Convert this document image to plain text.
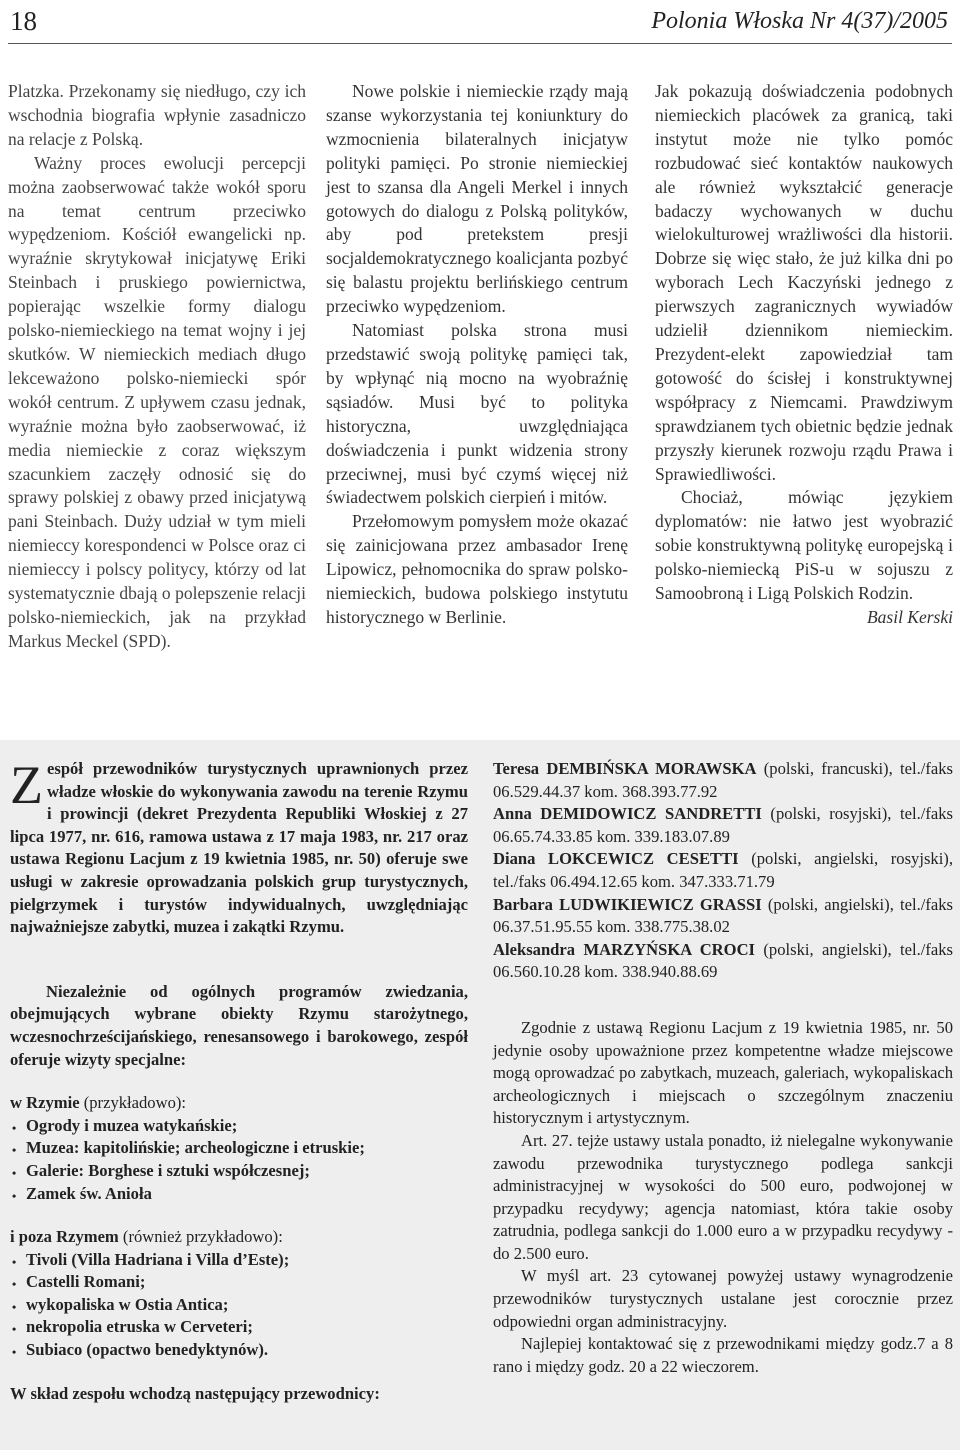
18	Polonia Włoska Nr 4(37)/2005

Platzka. Przekonamy się niedługo, czy ich wschodnia biografia wpłynie zasadniczo na relacje z Polską.

Ważny proces ewolucji percepcji można zaobserwować także wokół sporu na temat centrum przeciwko wypędzeniom. Kościół ewangelicki np. wyraźnie skrytykował inicjatywę Eriki Steinbach i pruskiego powiernictwa, popierając wszelkie formy dialogu polsko-niemieckiego na temat wojny i jej skutków. W niemieckich mediach długo lekceważono polsko-niemiecki spór wokół centrum. Z upływem czasu jednak, wyraźnie można było zaobserwować, iż media niemieckie z coraz większym szacunkiem zaczęły odnosić się do sprawy polskiej z obawy przed inicjatywą pani Steinbach. Duży udział w tym mieli niemieccy korespondenci w Polsce oraz ci niemieccy i polscy politycy, którzy od lat systematycznie dbają o polepszenie relacji polsko-niemieckich, jak na przykład Markus Meckel (SPD).

Nowe polskie i niemieckie rządy mają szanse wykorzystania tej koniunktury do wzmocnienia bilateralnych inicjatyw polityki pamięci. Po stronie niemieckiej jest to szansa dla Angeli Merkel i innych gotowych do dialogu z Polską polityków, aby pod pretekstem presji socjaldemokratycznego koalicjanta pozbyć się balastu projektu berlińskiego centrum przeciwko wypędzeniom.

Natomiast polska strona musi przedstawić swoją politykę pamięci tak, by wpłynąć nią mocno na wyobraźnię sąsiadów. Musi być to polityka historyczna, uwzględniająca doświadczenia i punkt widzenia strony przeciwnej, musi być czymś więcej niż świadectwem polskich cierpień i mitów.

Przełomowym pomysłem może okazać się zainicjowana przez ambasador Irenę Lipowicz, pełnomocnika do spraw polsko-niemieckich, budowa polskiego instytutu historycznego w Berlinie.

Jak pokazują doświadczenia podobnych niemieckich placówek za granicą, taki instytut może nie tylko pomóc rozbudować sieć kontaktów naukowych ale również wykształcić generacje badaczy wychowanych w duchu wielokulturowej wrażliwości dla historii. Dobrze się więc stało, że już kilka dni po wyborach Lech Kaczyński jednego z pierwszych zagranicznych wywiadów udzielił dziennikom niemieckim. Prezydent-elekt zapowiedział tam gotowość do ścisłej i konstruktywnej współpracy z Niemcami. Prawdziwym sprawdzianem tych obietnic będzie jednak przyszły kierunek rozwoju rządu Prawa i Sprawiedliwości.

Chociaż, mówiąc językiem dyplomatów: nie łatwo jest wyobrazić sobie konstruktywną politykę europejską i polsko-niemiecką PiS-u w sojuszu z Samoobroną i Ligą Polskich Rodzin.

Basil Kerski

Zespół przewodników turystycznych uprawnionych przez władze włoskie do wykonywania zawodu na terenie Rzymu i prowincji (dekret Prezydenta Republiki Włoskiej z 27 lipca 1977, nr. 616, ramowa ustawa z 17 maja 1983, nr. 217 oraz ustawa Regionu Lacjum z 19 kwietnia 1985, nr. 50) oferuje swe usługi w zakresie oprowadzania polskich grup turystycznych, pielgrzymek i turystów indywidualnych, uwzględniając najważniejsze zabytki, muzea i zakątki Rzymu.

Niezależnie od ogólnych programów zwiedzania, obejmujących wybrane obiekty Rzymu starożytnego, wczesnochrześcijańskiego, renesansowego i barokowego, zespół oferuje wizyty specjalne:

w Rzymie (przykładowo):

• Ogrody i muzea watykańskie;
• Muzea: kapitolińskie; archeologiczne i etruskie;
• Galerie: Borghese i sztuki współczesnej;
• Zamek św. Anioła

i poza Rzymem (również przykładowo):

• Tivoli (Villa Hadriana i Villa d’Este);
• Castelli Romani;
• wykopaliska w Ostia Antica;
• nekropolia etruska w Cerveteri;
• Subiaco (opactwo benedyktynów).

W skład zespołu wchodzą następujący przewodnicy:

Teresa DEMBIŃSKA MORAWSKA (polski, francuski), tel./faks 06.529.44.37 kom. 368.393.77.92

Anna DEMIDOWICZ SANDRETTI (polski, rosyjski), tel./faks 06.65.74.33.85 kom. 339.183.07.89

Diana LOKCEWICZ CESETTI (polski, angielski, rosyjski), tel./faks 06.494.12.65 kom. 347.333.71.79

Barbara LUDWIKIEWICZ GRASSI (polski, angielski), tel./faks 06.37.51.95.55 kom. 338.775.38.02

Aleksandra MARZYŃSKA CROCI (polski, angielski), tel./faks 06.560.10.28 kom. 338.940.88.69

Zgodnie z ustawą Regionu Lacjum z 19 kwietnia 1985, nr. 50 jedynie osoby upoważnione przez kompetentne władze miejscowe mogą oprowadzać po zabytkach, muzeach, galeriach, wykopaliskach archeologicznych i miejscach o szczególnym znaczeniu historycznym i artystycznym.

Art. 27. tejże ustawy ustala ponadto, iż nielegalne wykonywanie zawodu przewodnika turystycznego podlega sankcji administracyjnej w wysokości do 500 euro, podwojonej w przypadku recydywy; agencja natomiast, która takie osoby zatrudnia, podlega sankcji do 1.000 euro a w przypadku recydywy - do 2.500 euro.

W myśl art. 23 cytowanej powyżej ustawy wynagrodzenie przewodników turystycznych ustalane jest corocznie przez odpowiedni organ administracyjny.

Najlepiej kontaktować się z przewodnikami między godz.7 a 8 rano i między godz. 20 a 22 wieczorem.
